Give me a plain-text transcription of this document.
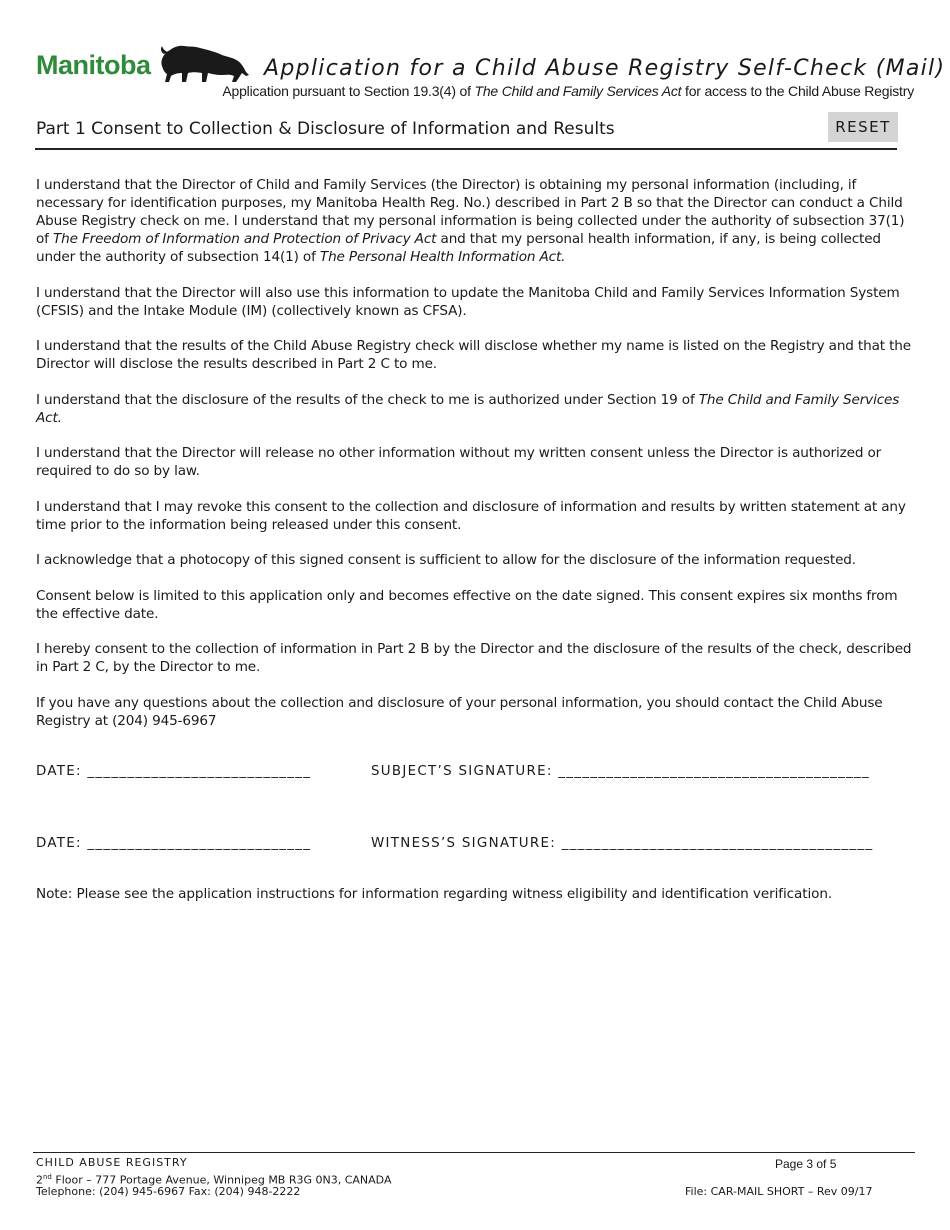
Manitoba	Application for a Child Abuse Registry Self-Check (Mail)
Application pursuant to Section 19.3(4) of The Child and Family Services Act for access to the Child Abuse Registry
Part 1 Consent to Collection & Disclosure of Information and Results	RESET

I understand that the Director of Child and Family Services (the Director) is obtaining my personal information (including, if necessary for identification purposes, my Manitoba Health Reg. No.) described in Part 2 B so that the Director can conduct a Child Abuse Registry check on me. I understand that my personal information is being collected under the authority of subsection 37(1) of The Freedom of Information and Protection of Privacy Act and that my personal health information, if any, is being collected under the authority of subsection 14(1) of The Personal Health Information Act.

I understand that the Director will also use this information to update the Manitoba Child and Family Services Information System (CFSIS) and the Intake Module (IM) (collectively known as CFSA).

I understand that the results of the Child Abuse Registry check will disclose whether my name is listed on the Registry and that the Director will disclose the results described in Part 2 C to me.

I understand that the disclosure of the results of the check to me is authorized under Section 19 of The Child and Family Services Act.

I understand that the Director will release no other information without my written consent unless the Director is authorized or required to do so by law.

I understand that I may revoke this consent to the collection and disclosure of information and results by written statement at any time prior to the information being released under this consent.

I acknowledge that a photocopy of this signed consent is sufficient to allow for the disclosure of the information requested.

Consent below is limited to this application only and becomes effective on the date signed. This consent expires six months from the effective date.

I hereby consent to the collection of information in Part 2 B by the Director and the disclosure of the results of the check, described in Part 2 C, by the Director to me.

If you have any questions about the collection and disclosure of your personal information, you should contact the Child Abuse Registry at (204) 945-6967

DATE: ____________________________	SUBJECT’S SIGNATURE: _______________________________________
DATE: ____________________________	WITNESS’S SIGNATURE: _______________________________________
Note: Please see the application instructions for information regarding witness eligibility and identification verification.
CHILD ABUSE REGISTRY
2nd Floor – 777 Portage Avenue, Winnipeg MB R3G 0N3, CANADA
Telephone: (204) 945-6967 Fax: (204) 948-2222
Page 3 of 5
File: CAR-MAIL SHORT – Rev 09/17
